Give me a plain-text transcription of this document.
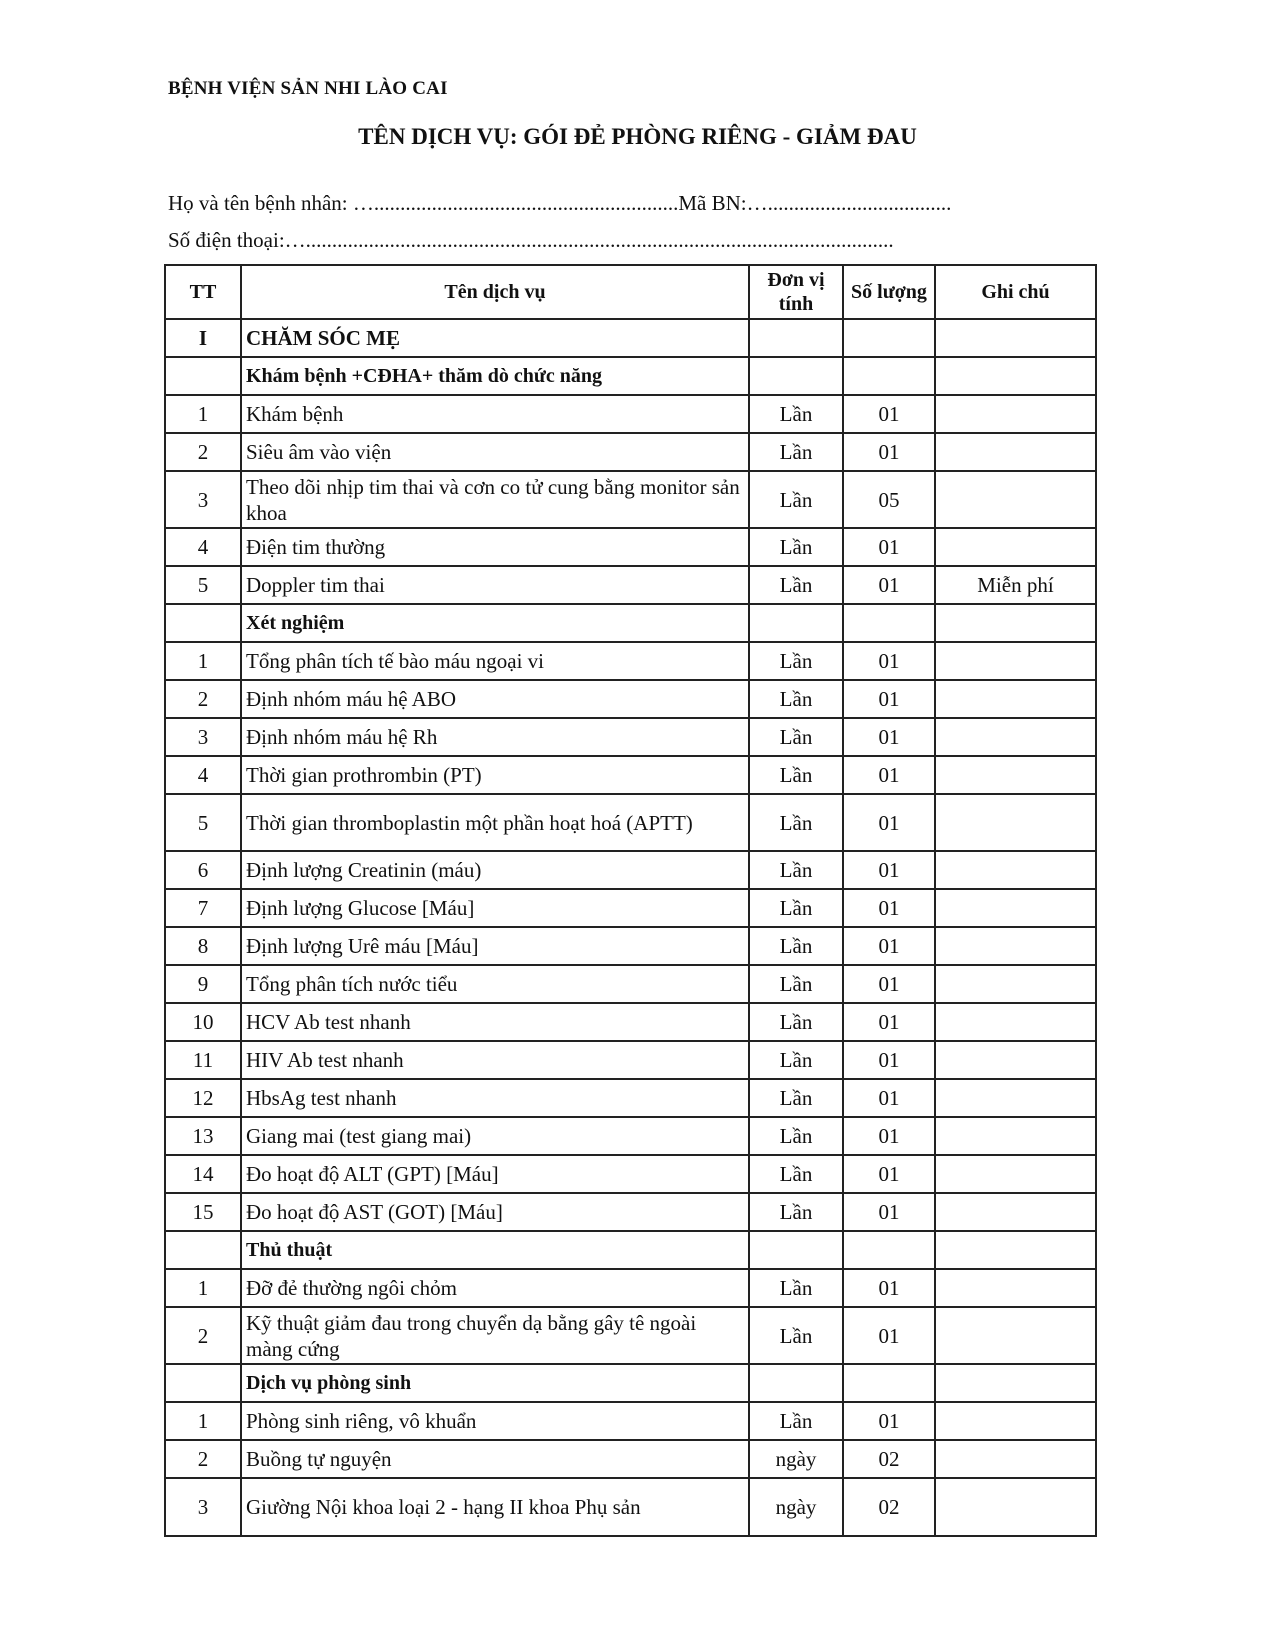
BỆNH VIỆN SẢN NHI LÀO CAI
TÊN DỊCH VỤ: GÓI ĐẺ PHÒNG RIÊNG - GIẢM ĐAU
Họ và tên bệnh nhân: …..........................................................Mã BN:…...................................
Số điện thoại:…................................................................................................................
TT	Tên dịch vụ	Đơn vị tính	Số lượng	Ghi chú
I	CHĂM SÓC MẸ			
	Khám bệnh +CĐHA+ thăm dò chức năng			
1	Khám bệnh	Lần	01	
2	Siêu âm vào viện	Lần	01	
3	Theo dõi nhịp tim thai và cơn co tử cung bằng monitor sản khoa	Lần	05	
4	Điện tim thường	Lần	01	
5	Doppler tim thai	Lần	01	Miễn phí
	Xét nghiệm			
1	Tổng phân tích tế bào máu ngoại vi	Lần	01	
2	Định nhóm máu hệ ABO	Lần	01	
3	Định nhóm máu hệ Rh	Lần	01	
4	Thời gian prothrombin (PT)	Lần	01	
5	Thời gian thromboplastin một phần hoạt hoá (APTT)	Lần	01	
6	Định lượng Creatinin (máu)	Lần	01	
7	Định lượng Glucose [Máu]	Lần	01	
8	Định lượng Urê máu [Máu]	Lần	01	
9	Tổng phân tích nước tiểu	Lần	01	
10	HCV Ab test nhanh	Lần	01	
11	HIV Ab test nhanh	Lần	01	
12	HbsAg test nhanh	Lần	01	
13	Giang mai (test giang mai)	Lần	01	
14	Đo hoạt độ ALT (GPT) [Máu]	Lần	01	
15	Đo hoạt độ AST (GOT) [Máu]	Lần	01	
	Thủ thuật			
1	Đỡ đẻ thường ngôi chỏm	Lần	01	
2	Kỹ thuật giảm đau trong chuyển dạ bằng gây tê ngoài màng cứng	Lần	01	
	Dịch vụ phòng sinh			
1	Phòng sinh riêng, vô khuẩn	Lần	01	
2	Buồng tự nguyện	ngày	02	
3	Giường Nội khoa loại 2 - hạng II khoa Phụ sản	ngày	02	
